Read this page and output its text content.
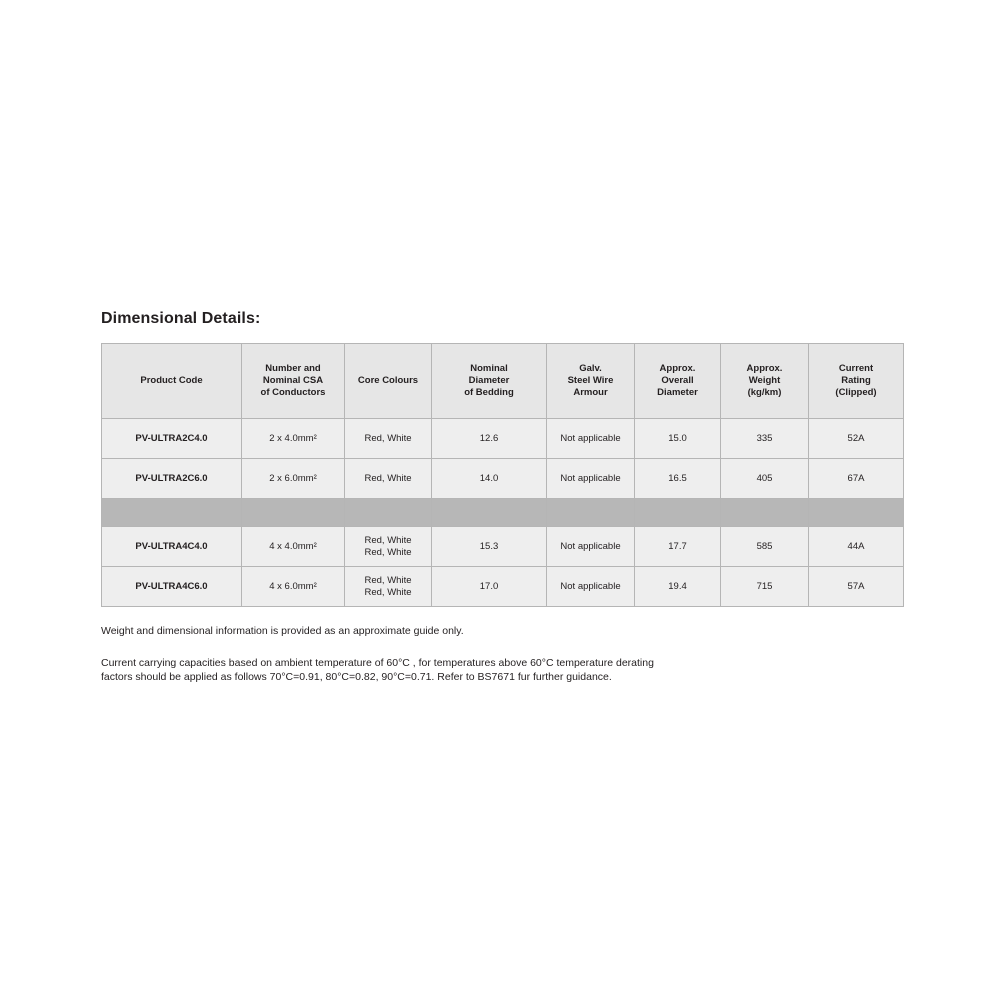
Dimensional Details:
Product Code	Number and
Nominal CSA
of Conductors	Core Colours	Nominal
Diameter
of Bedding	Galv.
Steel Wire
Armour	Approx.
Overall
Diameter	Approx.
Weight
(kg/km)	Current
Rating
(Clipped)
PV-ULTRA2C4.0	2 x 4.0mm²	Red, White	12.6	Not applicable	15.0	335	52A
PV-ULTRA2C6.0	2 x 6.0mm²	Red, White	14.0	Not applicable	16.5	405	67A

PV-ULTRA4C4.0	4 x 4.0mm²	Red, White
Red, White	15.3	Not applicable	17.7	585	44A
PV-ULTRA4C6.0	4 x 6.0mm²	Red, White
Red, White	17.0	Not applicable	19.4	715	57A

Weight and dimensional information is provided as an approximate guide only.

Current carrying capacities based on ambient temperature of 60°C , for temperatures above 60°C temperature derating
factors should be applied as follows 70°C=0.91, 80°C=0.82, 90°C=0.71. Refer to BS7671 fur further guidance.
